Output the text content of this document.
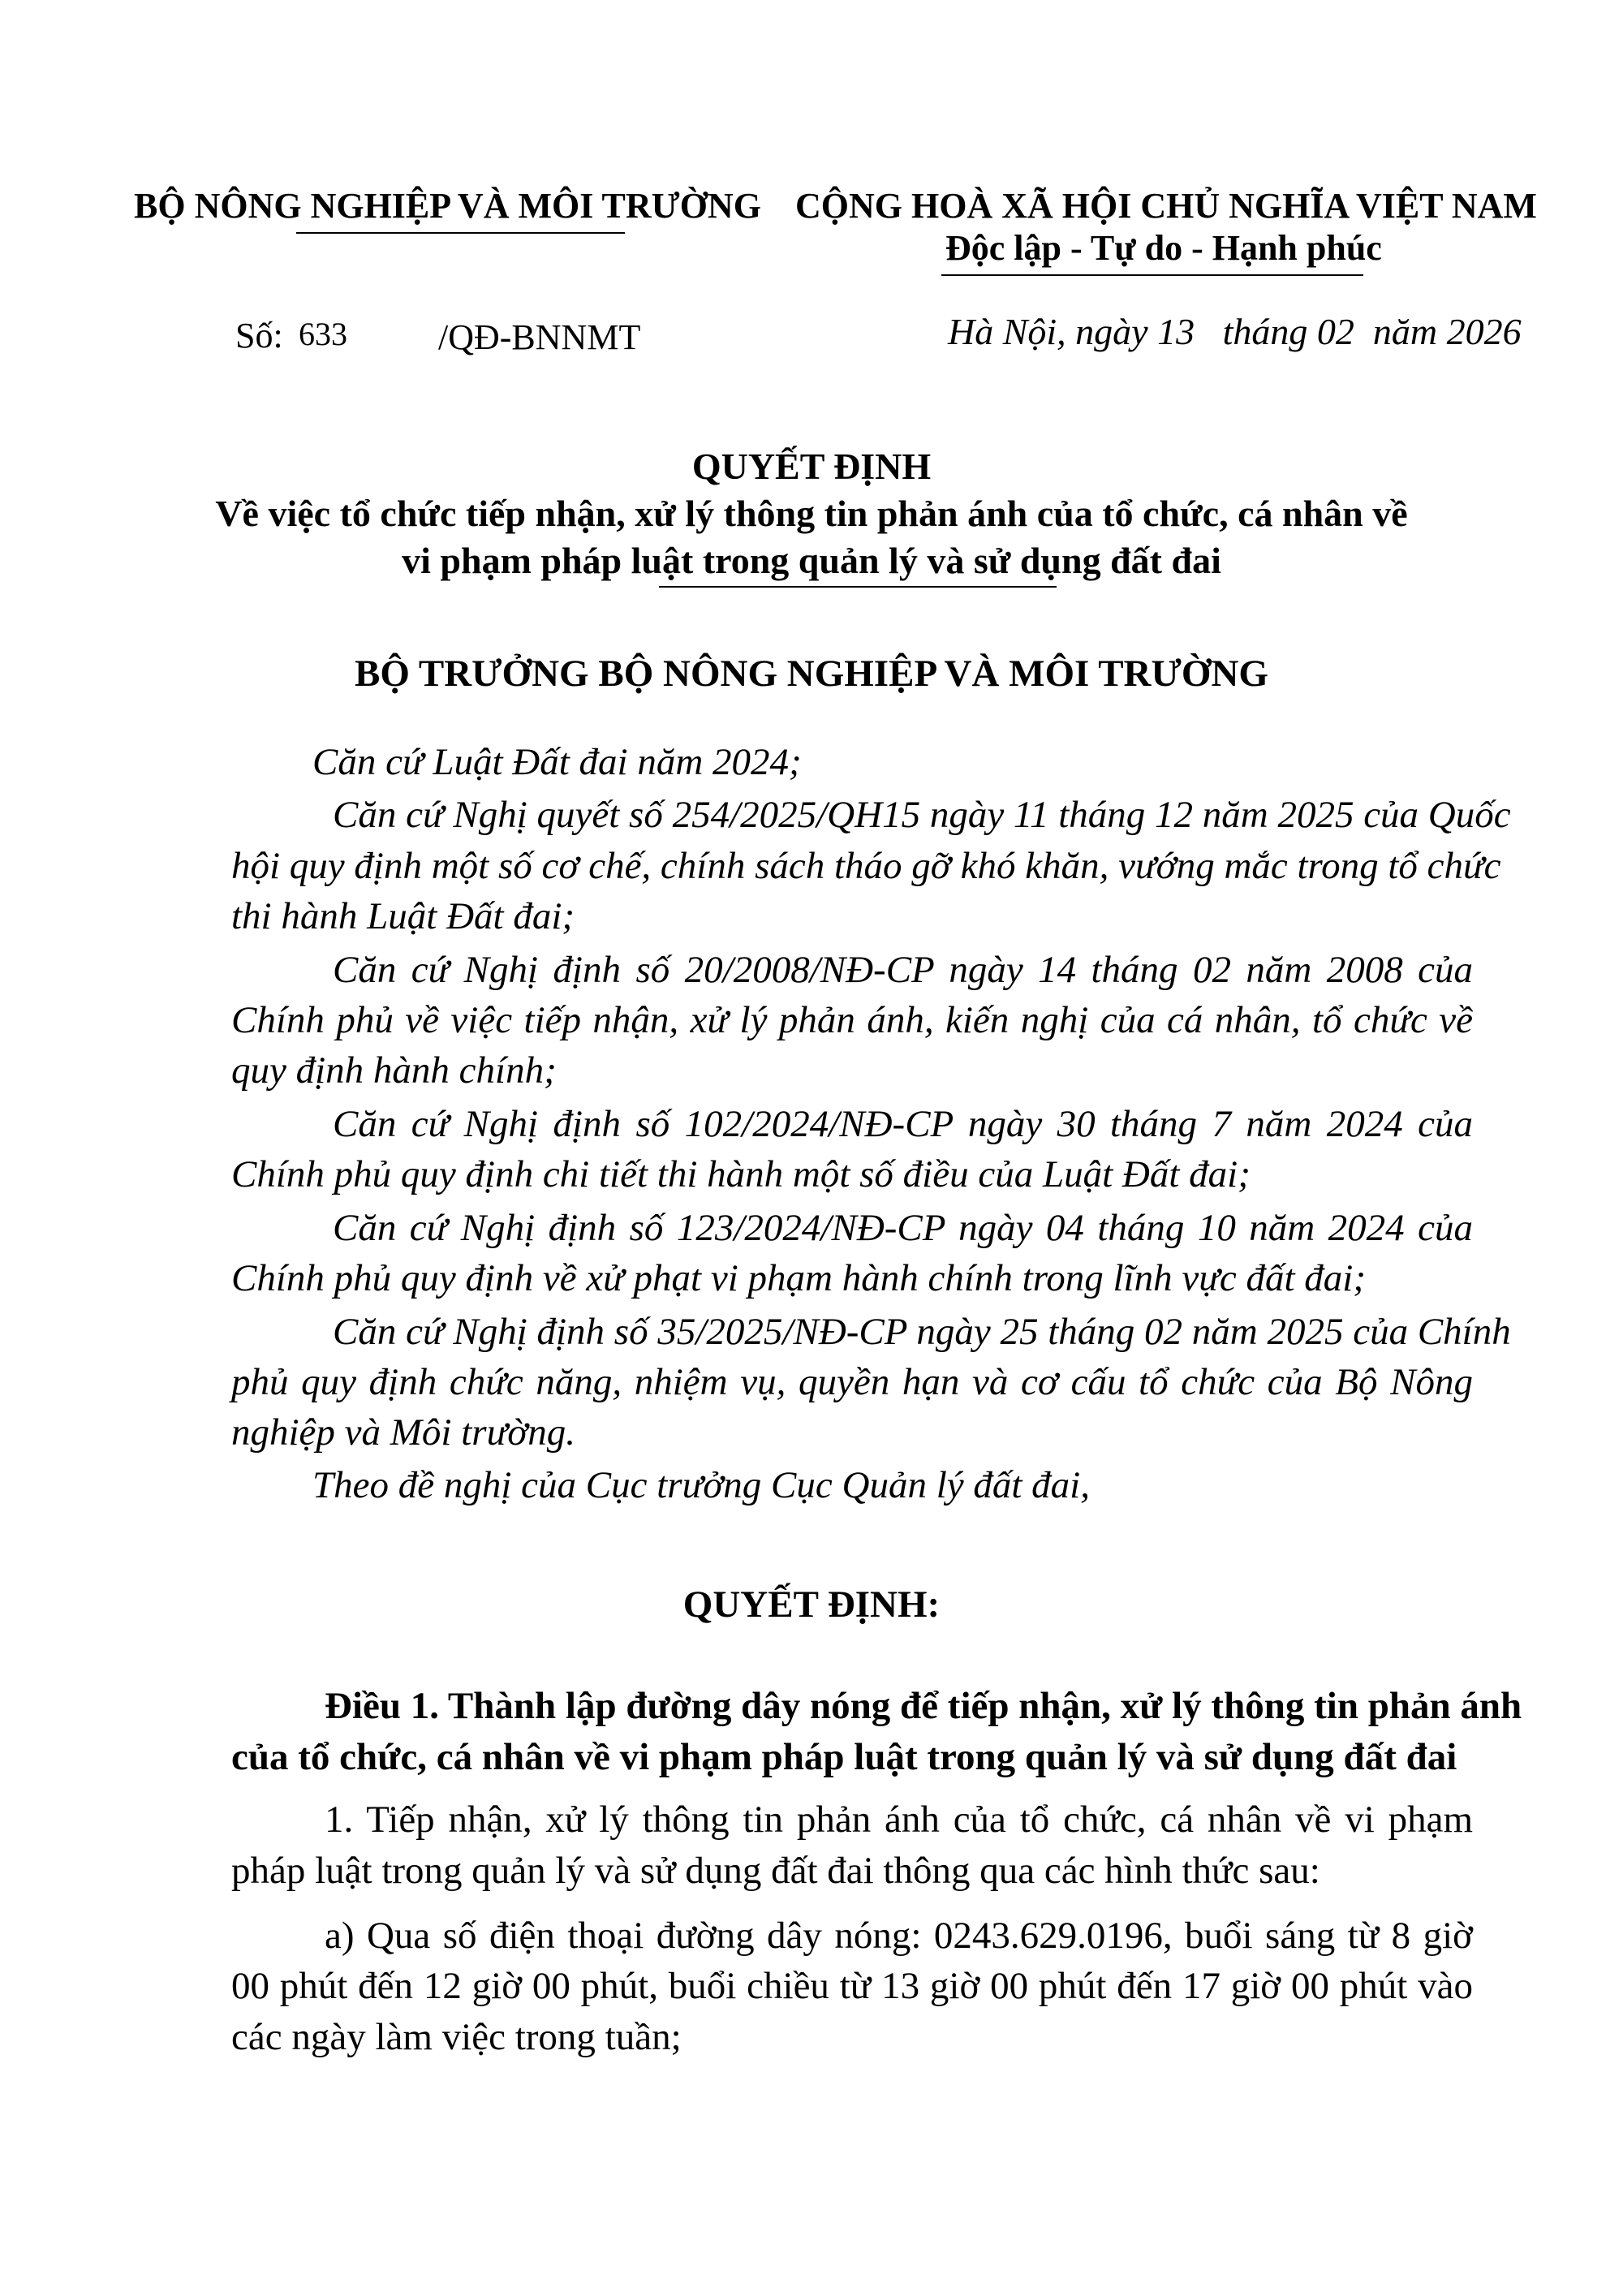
BỘ NÔNG NGHIỆP VÀ MÔI TRƯỜNG CỘNG HOÀ XÃ HỘI CHỦ NGHĨA VIỆT NAM
Độc lập - Tự do - Hạnh phúc
Số: 633	/QĐ-BNNMT	Hà Nội, ngày 13   tháng 02  năm 2026
QUYẾT ĐỊNH
Về việc tổ chức tiếp nhận, xử lý thông tin phản ánh của tổ chức, cá nhân về
vi phạm pháp luật trong quản lý và sử dụng đất đai
BỘ TRƯỞNG BỘ NÔNG NGHIỆP VÀ MÔI TRƯỜNG
Căn cứ Luật Đất đai năm 2024;
Căn cứ Nghị quyết số 254/2025/QH15 ngày 11 tháng 12 năm 2025 của Quốc
hội quy định một số cơ chế, chính sách tháo gỡ khó khăn, vướng mắc trong tổ chức
thi hành Luật Đất đai;
Căn cứ Nghị định số 20/2008/NĐ-CP ngày 14 tháng 02 năm 2008 của
Chính phủ về việc tiếp nhận, xử lý phản ánh, kiến nghị của cá nhân, tổ chức về
quy định hành chính;
Căn cứ Nghị định số 102/2024/NĐ-CP ngày 30 tháng 7 năm 2024 của
Chính phủ quy định chi tiết thi hành một số điều của Luật Đất đai;
Căn cứ Nghị định số 123/2024/NĐ-CP ngày 04 tháng 10 năm 2024 của
Chính phủ quy định về xử phạt vi phạm hành chính trong lĩnh vực đất đai;
Căn cứ Nghị định số 35/2025/NĐ-CP ngày 25 tháng 02 năm 2025 của Chính
phủ quy định chức năng, nhiệm vụ, quyền hạn và cơ cấu tổ chức của Bộ Nông
nghiệp và Môi trường.
Theo đề nghị của Cục trưởng Cục Quản lý đất đai,
QUYẾT ĐỊNH:
Điều 1. Thành lập đường dây nóng để tiếp nhận, xử lý thông tin phản ánh
của tổ chức, cá nhân về vi phạm pháp luật trong quản lý và sử dụng đất đai
1. Tiếp nhận, xử lý thông tin phản ánh của tổ chức, cá nhân về vi phạm
pháp luật trong quản lý và sử dụng đất đai thông qua các hình thức sau:
a) Qua số điện thoại đường dây nóng: 0243.629.0196, buổi sáng từ 8 giờ
00 phút đến 12 giờ 00 phút, buổi chiều từ 13 giờ 00 phút đến 17 giờ 00 phút vào
các ngày làm việc trong tuần;
